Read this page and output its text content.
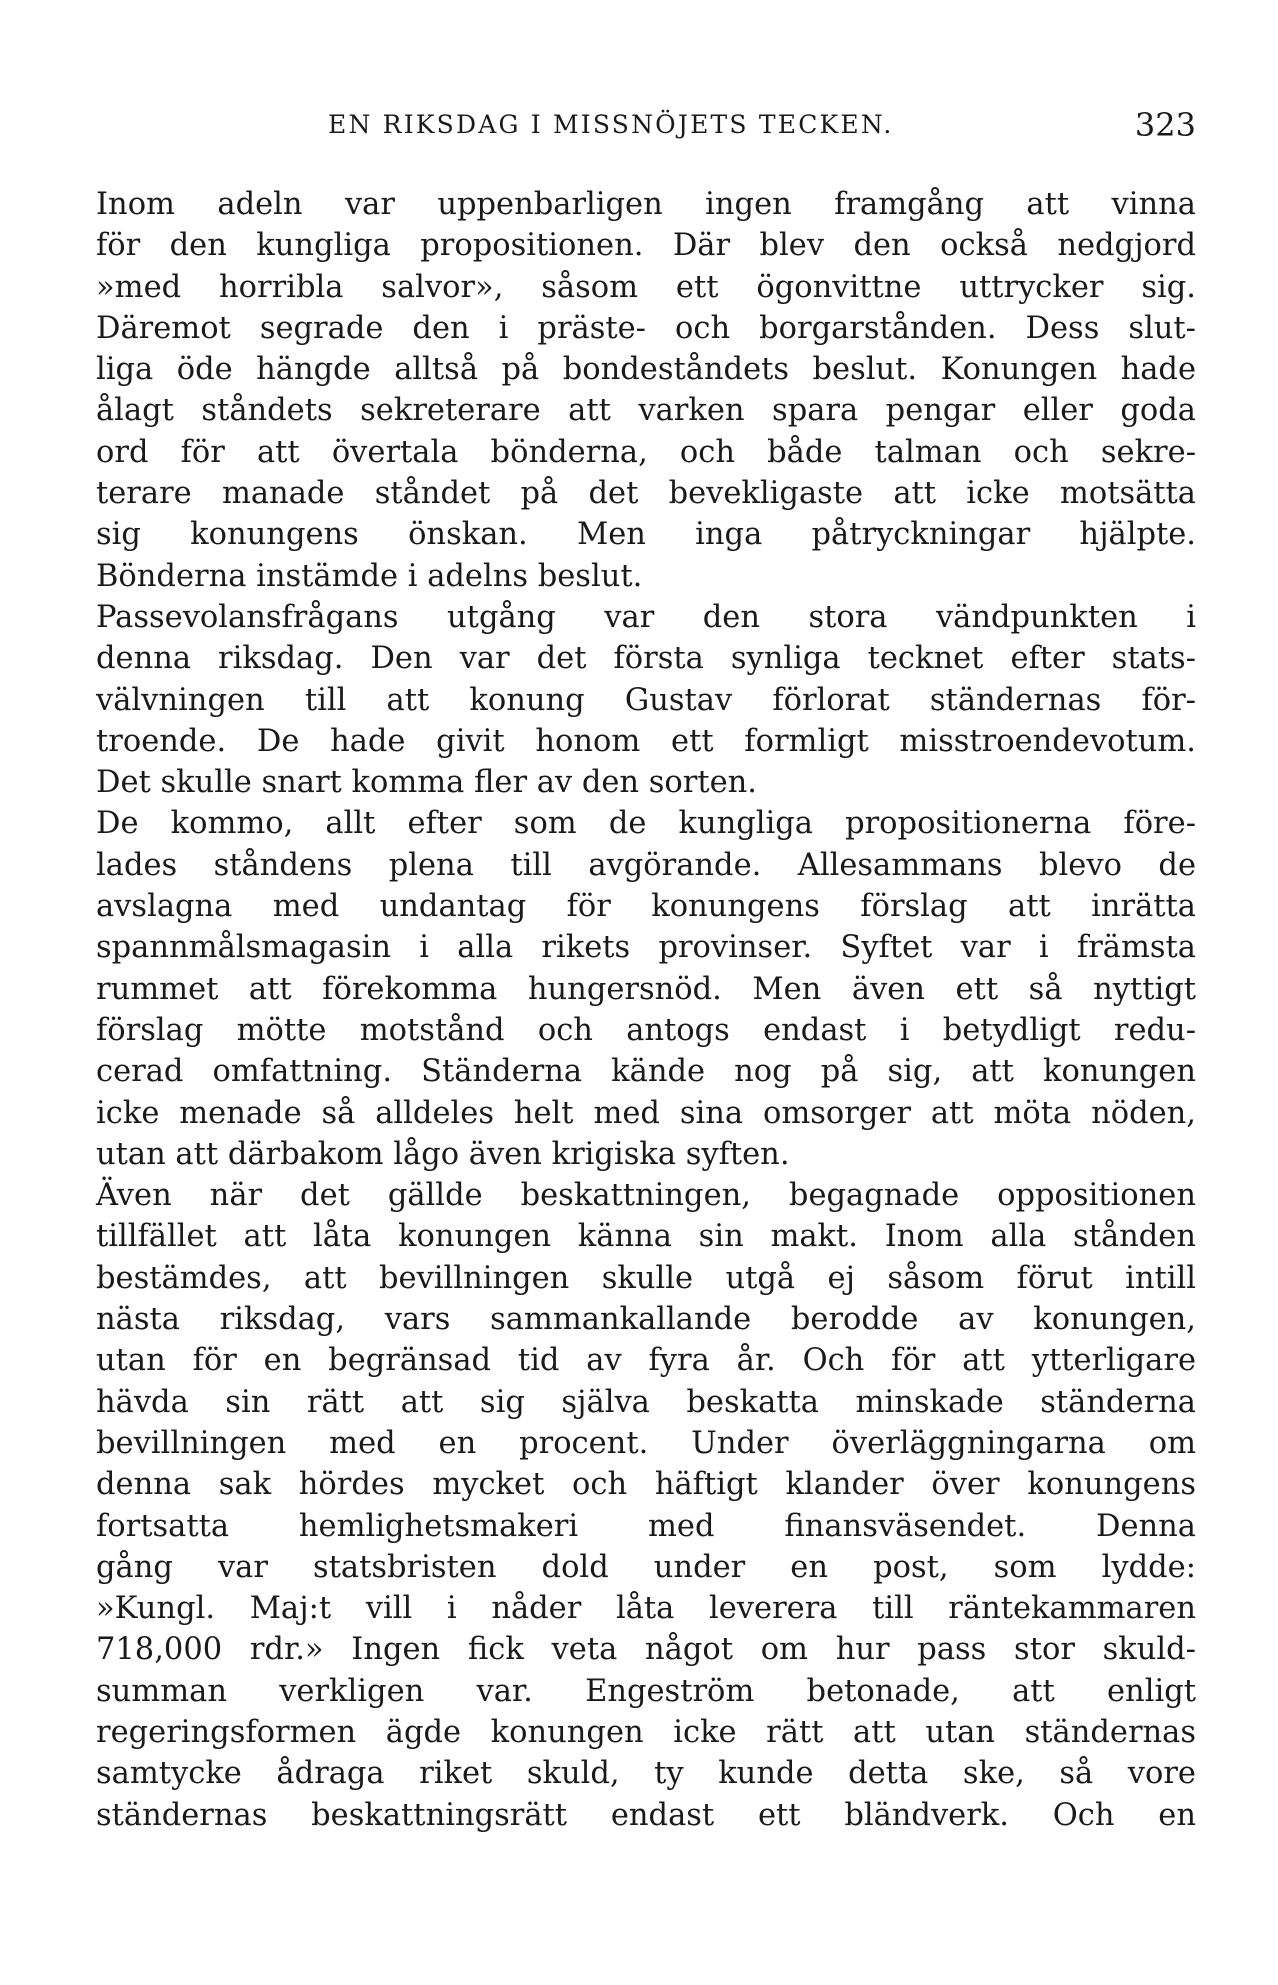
EN RIKSDAG I MISSNÖJETS TECKEN.	323
Inom adeln var uppenbarligen ingen framgång att vinna
för den kungliga propositionen. Där blev den också nedgjord
»med horribla salvor», såsom ett ögonvittne uttrycker sig.
Däremot segrade den i präste- och borgarstånden. Dess slut-
liga öde hängde alltså på bondeståndets beslut. Konungen hade
ålagt ståndets sekreterare att varken spara pengar eller goda
ord för att övertala bönderna, och både talman och sekre-
terare manade ståndet på det bevekligaste att icke motsätta
sig konungens önskan. Men inga påtryckningar hjälpte.
Bönderna instämde i adelns beslut.
Passevolansfrågans utgång var den stora vändpunkten i
denna riksdag. Den var det första synliga tecknet efter stats-
välvningen till att konung Gustav förlorat ständernas för-
troende. De hade givit honom ett formligt misstroendevotum.
Det skulle snart komma fler av den sorten.
De kommo, allt efter som de kungliga propositionerna före-
lades ståndens plena till avgörande. Allesammans blevo de
avslagna med undantag för konungens förslag att inrätta
spannmålsmagasin i alla rikets provinser. Syftet var i främsta
rummet att förekomma hungersnöd. Men även ett så nyttigt
förslag mötte motstånd och antogs endast i betydligt redu-
cerad omfattning. Ständerna kände nog på sig, att konungen
icke menade så alldeles helt med sina omsorger att möta nöden,
utan att därbakom lågo även krigiska syften.
Även när det gällde beskattningen, begagnade oppositionen
tillfället att låta konungen känna sin makt. Inom alla stånden
bestämdes, att bevillningen skulle utgå ej såsom förut intill
nästa riksdag, vars sammankallande berodde av konungen,
utan för en begränsad tid av fyra år. Och för att ytterligare
hävda sin rätt att sig själva beskatta minskade ständerna
bevillningen med en procent. Under överläggningarna om
denna sak hördes mycket och häftigt klander över konungens
fortsatta hemlighetsmakeri med finansväsendet. Denna
gång var statsbristen dold under en post, som lydde:
»Kungl. Maj:t vill i nåder låta leverera till räntekammaren
718,000 rdr.» Ingen fick veta något om hur pass stor skuld-
summan verkligen var. Engeström betonade, att enligt
regeringsformen ägde konungen icke rätt att utan ständernas
samtycke ådraga riket skuld, ty kunde detta ske, så vore
ständernas beskattningsrätt endast ett bländverk. Och en
